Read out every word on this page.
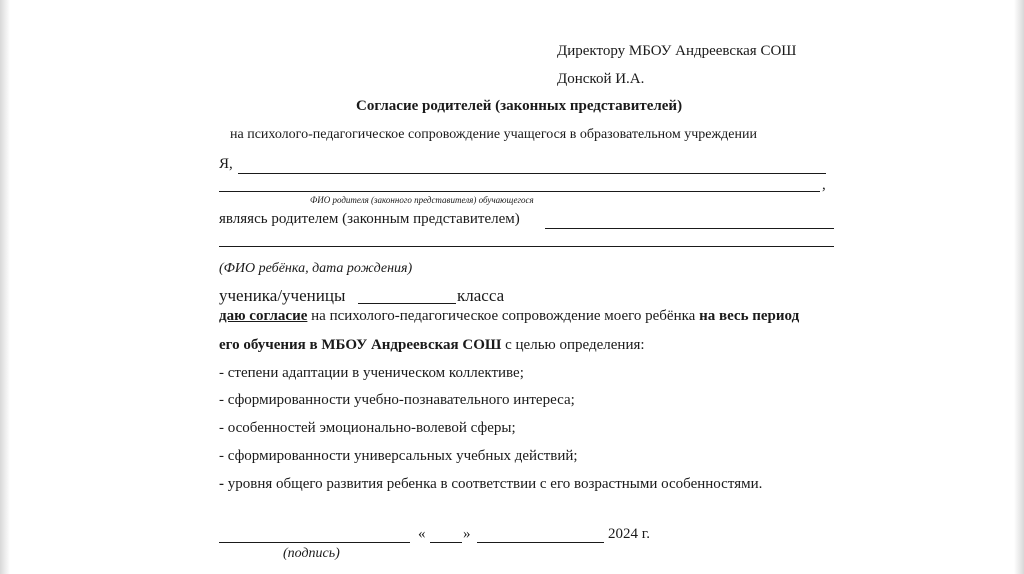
Директору МБОУ Андреевская СОШ
Донской И.А.
Согласие родителей (законных представителей)
на психолого-педагогическое сопровождение учащегося в образовательном учреждении
Я,
,
ФИО родителя (законного представителя) обучающегося
являясь родителем (законным представителем)
(ФИО ребёнка, дата рождения)
ученика/ученицы	класса
даю согласие на психолого-педагогическое сопровождение моего ребёнка на весь период
его обучения в МБОУ Андреевская СОШ с целью определения:
- степени адаптации в ученическом коллективе;
- сформированности учебно-познавательного интереса;
- особенностей эмоционально-волевой сферы;
- сформированности универсальных учебных действий;
- уровня общего развития ребенка в соответствии с его возрастными особенностями.
«	»	2024 г.
(подпись)
